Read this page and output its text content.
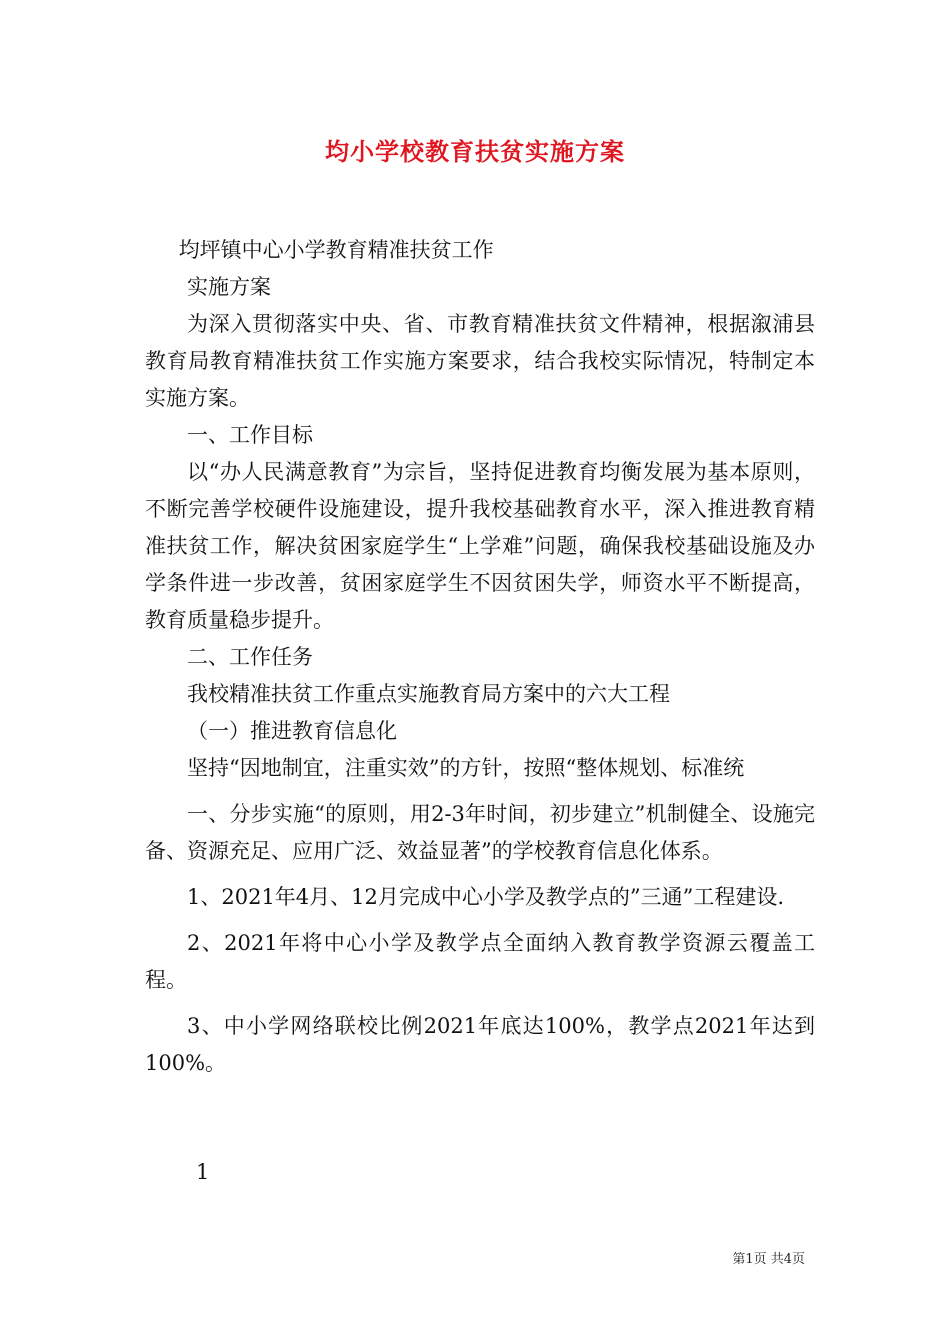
均小学校教育扶贫实施方案

均坪镇中心小学教育精准扶贫工作

实施方案

为深入贯彻落实中央、省、市教育精准扶贫文件精神，根据溆浦县教育局教育精准扶贫工作实施方案要求，结合我校实际情况，特制定本实施方案。

一、工作目标

以“办人民满意教育”为宗旨，坚持促进教育均衡发展为基本原则，不断完善学校硬件设施建设，提升我校基础教育水平，深入推进教育精准扶贫工作，解决贫困家庭学生“上学难”问题，确保我校基础设施及办学条件进一步改善，贫困家庭学生不因贫困失学，师资水平不断提高，教育质量稳步提升。

二、工作任务

我校精准扶贫工作重点实施教育局方案中的六大工程

（一）推进教育信息化

坚持“因地制宜，注重实效”的方针，按照“整体规划、标准统

一、分步实施“的原则，用2-3年时间，初步建立”机制健全、设施完备、资源充足、应用广泛、效益显著”的学校教育信息化体系。

1、2021年4月、12月完成中心小学及教学点的”三通”工程建设.

2、2021年将中心小学及教学点全面纳入教育教学资源云覆盖工程。

3、中小学网络联校比例2021年底达100%，教学点2021年达到100%。

1
第1页 共4页
